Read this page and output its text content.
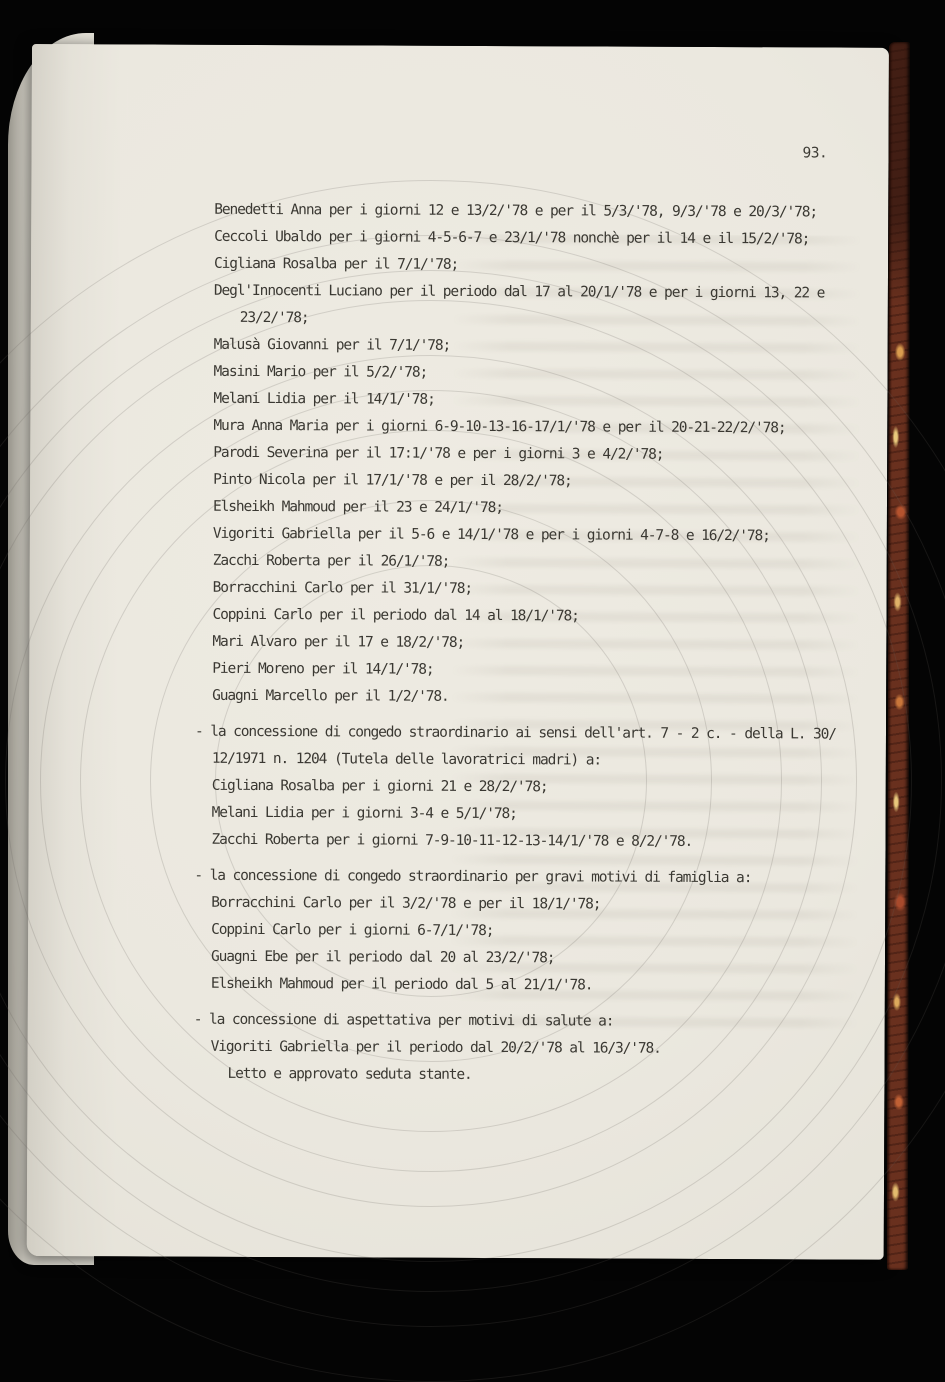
93.
Benedetti Anna per i giorni 12 e 13/2/'78 e per il 5/3/'78, 9/3/'78 e 20/3/'78;
Ceccoli Ubaldo per i giorni 4-5-6-7 e 23/1/'78 nonchè per il 14 e il 15/2/'78;
Cigliana Rosalba per il 7/1/'78;
Degl'Innocenti Luciano per il periodo dal 17 al 20/1/'78 e per i giorni 13, 22 e
23/2/'78;
Malusà Giovanni per il 7/1/'78;
Masini Mario per il 5/2/'78;
Melani Lidia per il 14/1/'78;
Mura Anna Maria per i giorni 6-9-10-13-16-17/1/'78 e per il 20-21-22/2/'78;
Parodi Severina per il 17:1/'78 e per i giorni 3 e 4/2/'78;
Pinto Nicola per il 17/1/'78 e per il 28/2/'78;
Elsheikh Mahmoud per il 23 e 24/1/'78;
Vigoriti Gabriella per il 5-6 e 14/1/'78 e per i giorni 4-7-8 e 16/2/'78;
Zacchi Roberta per il 26/1/'78;
Borracchini Carlo per il 31/1/'78;
Coppini Carlo per il periodo dal 14 al 18/1/'78;
Mari Alvaro per il 17 e 18/2/'78;
Pieri Moreno per il 14/1/'78;
Guagni Marcello per il 1/2/'78.
- la concessione di congedo straordinario ai sensi dell'art. 7 - 2 c. - della L. 30/
12/1971 n. 1204 (Tutela delle lavoratrici madri) a:
Cigliana Rosalba per i giorni 21 e 28/2/'78;
Melani Lidia per i giorni 3-4 e 5/1/'78;
Zacchi Roberta per i giorni 7-9-10-11-12-13-14/1/'78 e 8/2/'78.
- la concessione di congedo straordinario per gravi motivi di famiglia a:
Borracchini Carlo per il 3/2/'78 e per il 18/1/'78;
Coppini Carlo per i giorni 6-7/1/'78;
Guagni Ebe per il periodo dal 20 al 23/2/'78;
Elsheikh Mahmoud per il periodo dal 5 al 21/1/'78.
- la concessione di aspettativa per motivi di salute a:
Vigoriti Gabriella per il periodo dal 20/2/'78 al 16/3/'78.
Letto e approvato seduta stante.
